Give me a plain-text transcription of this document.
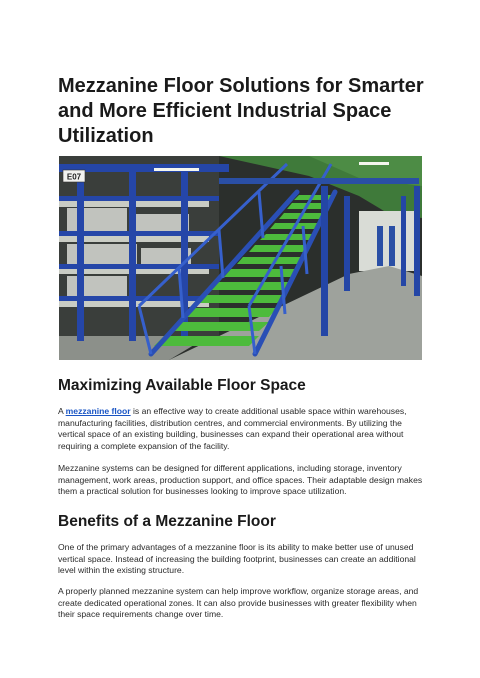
Mezzanine Floor Solutions for Smarter and More Efficient Industrial Space Utilization
E07
Maximizing Available Floor Space

A mezzanine floor is an effective way to create additional usable space within warehouses, manufacturing facilities, distribution centres, and commercial environments. By utilizing the vertical space of an existing building, businesses can expand their operational area without requiring a complete expansion of the facility.

Mezzanine systems can be designed for different applications, including storage, inventory management, work areas, production support, and office spaces. Their adaptable design makes them a practical solution for businesses looking to improve space utilization.

Benefits of a Mezzanine Floor

One of the primary advantages of a mezzanine floor is its ability to make better use of unused vertical space. Instead of increasing the building footprint, businesses can create an additional level within the existing structure.

A properly planned mezzanine system can help improve workflow, organize storage areas, and create dedicated operational zones. It can also provide businesses with greater flexibility when their space requirements change over time.
